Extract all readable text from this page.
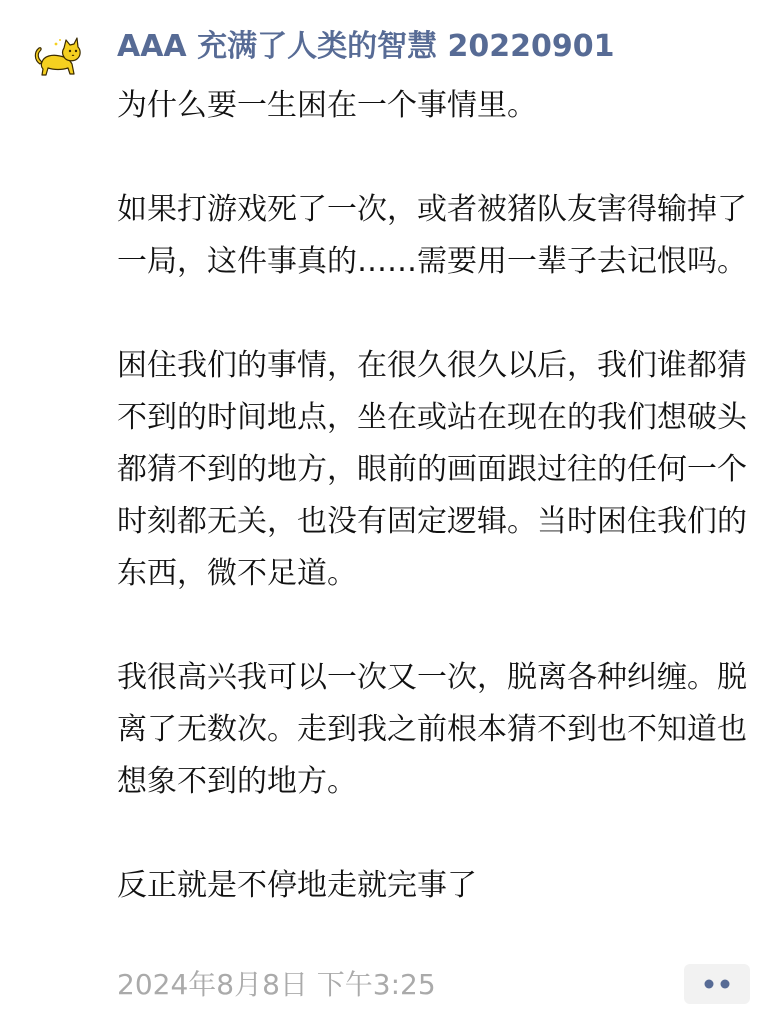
AAA 充满了人类的智慧 20220901

为什么要一生困在一个事情里。

如果打游戏死了一次，或者被猪队友害得输掉了一局，这件事真的……需要用一辈子去记恨吗。

困住我们的事情，在很久很久以后，我们谁都猜不到的时间地点，坐在或站在现在的我们想破头都猜不到的地方，眼前的画面跟过往的任何一个时刻都无关，也没有固定逻辑。当时困住我们的东西，微不足道。

我很高兴我可以一次又一次，脱离各种纠缠。脱离了无数次。走到我之前根本猜不到也不知道也想象不到的地方。

反正就是不停地走就完事了

2024年8月8日 下午3:25
